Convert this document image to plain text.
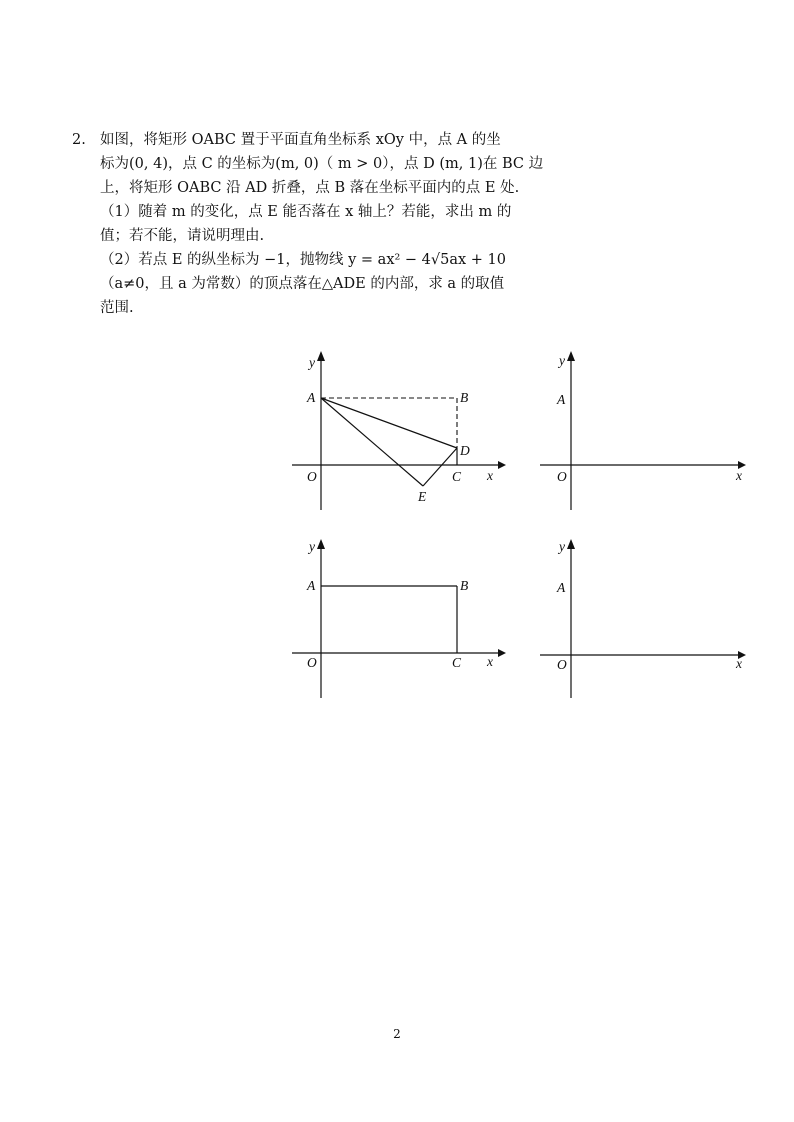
2. 如图，将矩形 OABC 置于平面直角坐标系 xOy 中，点 A 的坐
标为(0, 4)，点 C 的坐标为(m, 0)（ m > 0），点 D (m, 1)在 BC 边
上，将矩形 OABC 沿 AD 折叠，点 B 落在坐标平面内的点 E 处.
（1）随着 m 的变化，点 E 能否落在 x 轴上？若能，求出 m 的
值；若不能，请说明理由.
（2）若点 E 的纵坐标为 −1，抛物线 y = ax² − 4√5ax + 10
（a≠0，且 a 为常数）的顶点落在△ADE 的内部，求 a 的取值
范围.
y
x
O
A	B
C
D
E
y
x
O
A
y
x
O
A	B
C
y
x
O
A
2
